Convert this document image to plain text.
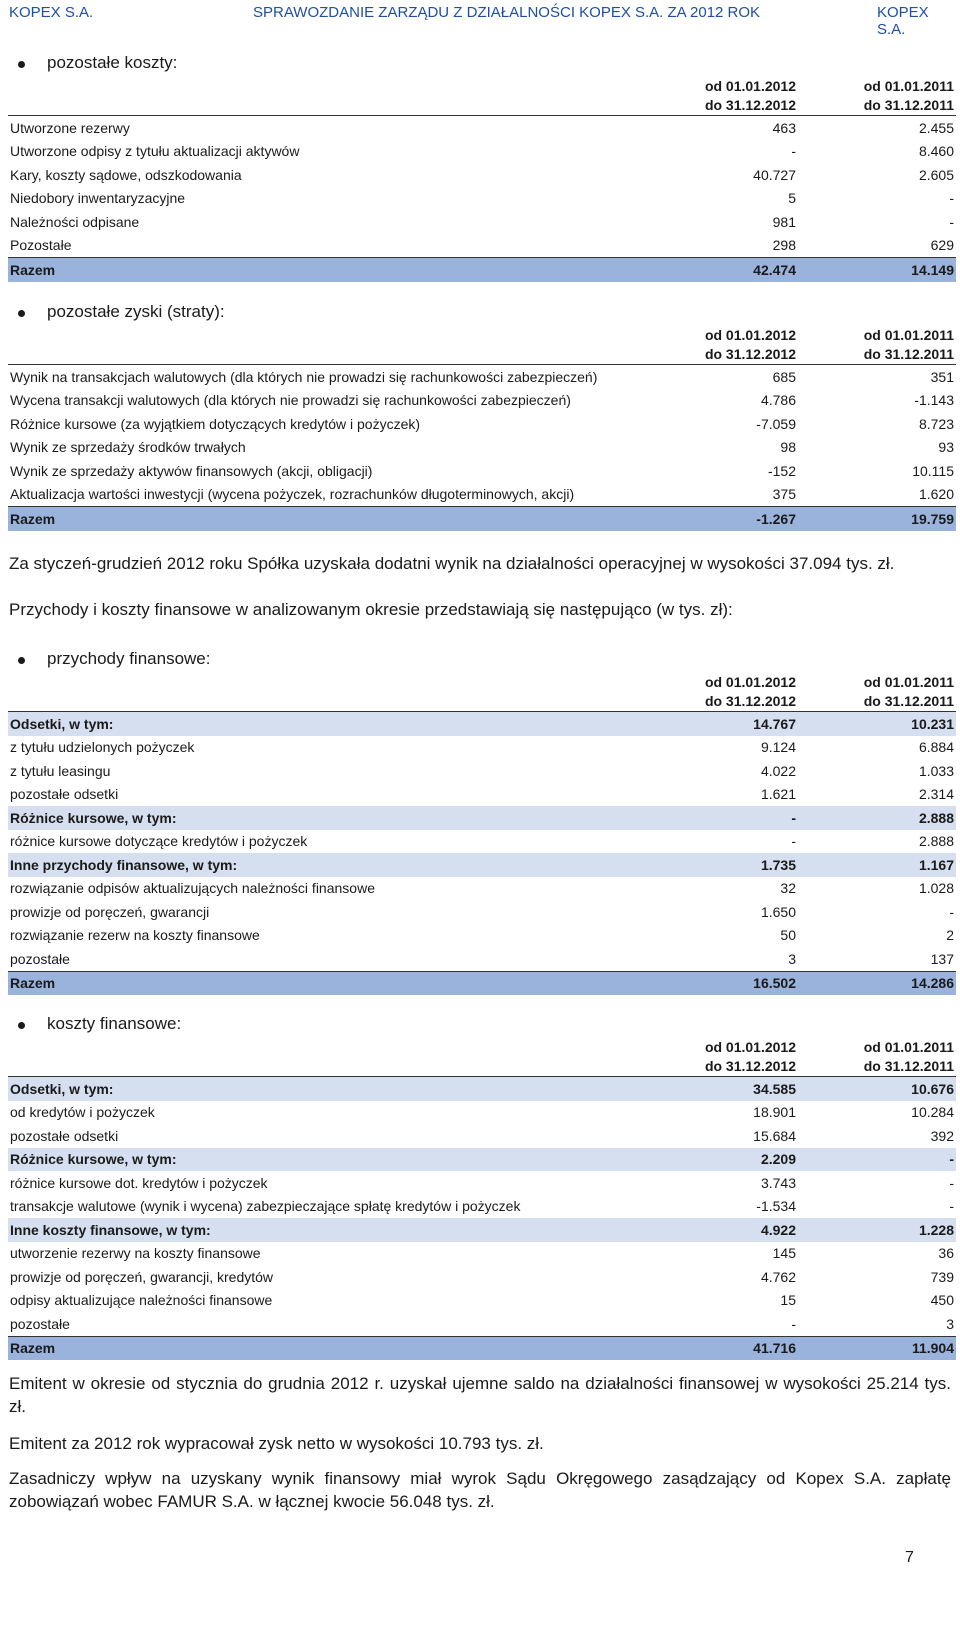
KOPEX S.A.	SPRAWOZDANIE ZARZĄDU Z DZIAŁALNOŚCI KOPEX S.A. ZA 2012 ROK	KOPEX S.A.
pozostałe koszty:
	od 01.01.2012	od 01.01.2011
	do 31.12.2012	do 31.12.2011
Utworzone rezerwy	463	2.455
Utworzone odpisy z tytułu aktualizacji aktywów	-	8.460
Kary, koszty sądowe, odszkodowania	40.727	2.605
Niedobory inwentaryzacyjne	5	-
Należności odpisane	981	-
Pozostałe	298	629
Razem	42.474	14.149
pozostałe zyski (straty):
	od 01.01.2012	od 01.01.2011
	do 31.12.2012	do 31.12.2011
Wynik na transakcjach walutowych (dla których nie prowadzi się rachunkowości zabezpieczeń)	685	351
Wycena transakcji walutowych (dla których nie prowadzi się rachunkowości zabezpieczeń)	4.786	-1.143
Różnice kursowe (za wyjątkiem dotyczących kredytów i pożyczek)	-7.059	8.723
Wynik ze sprzedaży środków trwałych	98	93
Wynik ze sprzedaży aktywów finansowych (akcji, obligacji)	-152	10.115
Aktualizacja wartości inwestycji (wycena pożyczek, rozrachunków długoterminowych, akcji)	375	1.620
Razem	-1.267	19.759
Za styczeń-grudzień 2012 roku Spółka uzyskała dodatni wynik na działalności operacyjnej w wysokości 37.094 tys. zł.
Przychody i koszty finansowe w analizowanym okresie przedstawiają się następująco (w tys. zł):
przychody finansowe:
	od 01.01.2012	od 01.01.2011
	do 31.12.2012	do 31.12.2011
Odsetki, w tym:	14.767	10.231
z tytułu udzielonych pożyczek	9.124	6.884
z tytułu leasingu	4.022	1.033
pozostałe odsetki	1.621	2.314
Różnice kursowe, w tym:	-	2.888
różnice kursowe dotyczące kredytów i pożyczek	-	2.888
Inne przychody finansowe, w tym:	1.735	1.167
rozwiązanie odpisów aktualizujących należności finansowe	32	1.028
prowizje od poręczeń, gwarancji	1.650	-
rozwiązanie rezerw na koszty finansowe	50	2
pozostałe	3	137
Razem	16.502	14.286
koszty finansowe:
	od 01.01.2012	od 01.01.2011
	do 31.12.2012	do 31.12.2011
Odsetki, w tym:	34.585	10.676
od kredytów i pożyczek	18.901	10.284
pozostałe odsetki	15.684	392
Różnice kursowe, w tym:	2.209	-
różnice kursowe dot. kredytów i pożyczek	3.743	-
transakcje walutowe (wynik i wycena) zabezpieczające spłatę kredytów i pożyczek	-1.534	-
Inne koszty finansowe, w tym:	4.922	1.228
utworzenie rezerwy na koszty finansowe	145	36
prowizje od poręczeń, gwarancji, kredytów	4.762	739
odpisy aktualizujące należności finansowe	15	450
pozostałe	-	3
Razem	41.716	11.904
Emitent w okresie od stycznia do grudnia 2012 r. uzyskał ujemne saldo na działalności finansowej w wysokości 25.214 tys. zł.
Emitent za 2012 rok wypracował zysk netto w wysokości 10.793 tys. zł.
Zasadniczy wpływ na uzyskany wynik finansowy miał wyrok Sądu Okręgowego zasądzający od Kopex S.A. zapłatę zobowiązań wobec FAMUR S.A. w łącznej kwocie 56.048 tys. zł.
7
